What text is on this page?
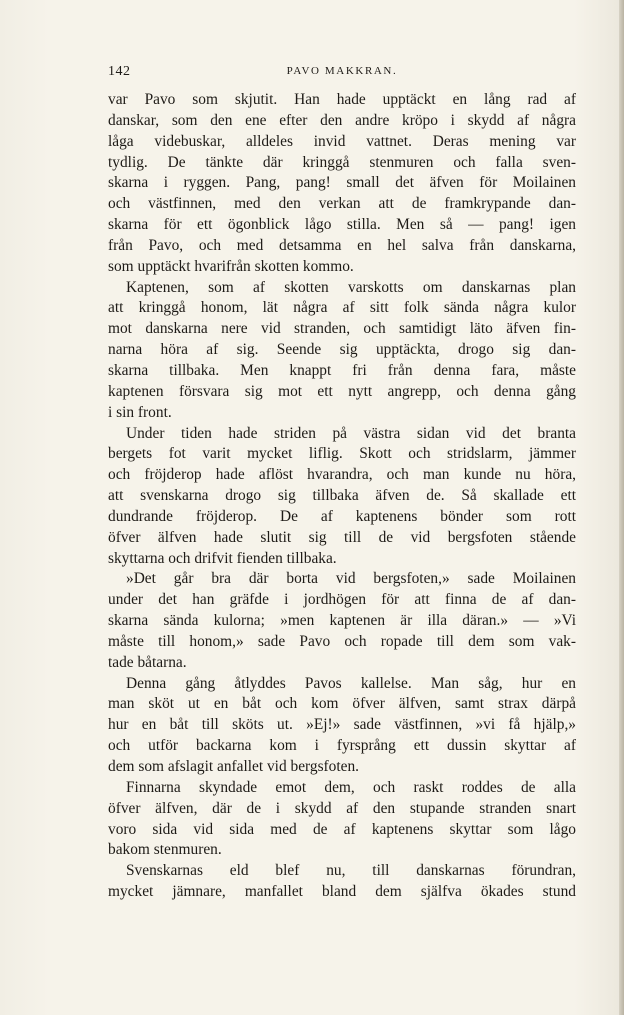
142	PAVO MAKKRAN.
var Pavo som skjutit. Han hade upptäckt en lång rad af
danskar, som den ene efter den andre kröpo i skydd af några
låga videbuskar, alldeles invid vattnet. Deras mening var
tydlig. De tänkte där kringgå stenmuren och falla sven-
skarna i ryggen. Pang, pang! small det äfven för Moilainen
och västfinnen, med den verkan att de framkrypande dan-
skarna för ett ögonblick lågo stilla. Men så — pang! igen
från Pavo, och med detsamma en hel salva från danskarna,
som upptäckt hvarifrån skotten kommo.
Kaptenen, som af skotten varskotts om danskarnas plan
att kringgå honom, lät några af sitt folk sända några kulor
mot danskarna nere vid stranden, och samtidigt läto äfven fin-
narna höra af sig. Seende sig upptäckta, drogo sig dan-
skarna tillbaka. Men knappt fri från denna fara, måste
kaptenen försvara sig mot ett nytt angrepp, och denna gång
i sin front.
Under tiden hade striden på västra sidan vid det branta
bergets fot varit mycket liflig. Skott och stridslarm, jämmer
och fröjderop hade aflöst hvarandra, och man kunde nu höra,
att svenskarna drogo sig tillbaka äfven de. Så skallade ett
dundrande fröjderop. De af kaptenens bönder som rott
öfver älfven hade slutit sig till de vid bergsfoten stående
skyttarna och drifvit fienden tillbaka.
»Det går bra där borta vid bergsfoten,» sade Moilainen
under det han gräfde i jordhögen för att finna de af dan-
skarna sända kulorna; »men kaptenen är illa däran.» — »Vi
måste till honom,» sade Pavo och ropade till dem som vak-
tade båtarna.
Denna gång åtlyddes Pavos kallelse. Man såg, hur en
man sköt ut en båt och kom öfver älfven, samt strax därpå
hur en båt till sköts ut. »Ej!» sade västfinnen, »vi få hjälp,»
och utför backarna kom i fyrsprång ett dussin skyttar af
dem som afslagit anfallet vid bergsfoten.
Finnarna skyndade emot dem, och raskt roddes de alla
öfver älfven, där de i skydd af den stupande stranden snart
voro sida vid sida med de af kaptenens skyttar som lågo
bakom stenmuren.
Svenskarnas eld blef nu, till danskarnas förundran,
mycket jämnare, manfallet bland dem själfva ökades stund
